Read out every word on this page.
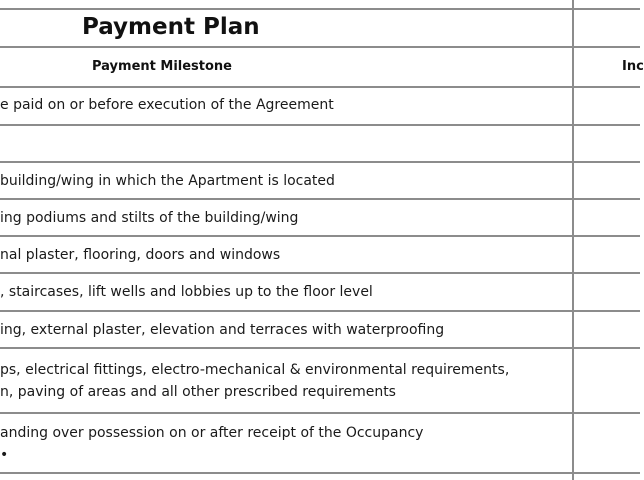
Payment Plan
Payment Milestone	Inc
e paid on or before execution of the Agreement
building/wing in which the Apartment is located
ing podiums and stilts of the building/wing
nal plaster, flooring, doors and windows
, staircases, lift wells and lobbies up to the floor level
ing, external plaster, elevation and terraces with waterproofing
ps, electrical fittings, electro-mechanical & environmental requirements,
n, paving of areas and all other prescribed requirements
anding over possession on or after receipt of the Occupancy
•
